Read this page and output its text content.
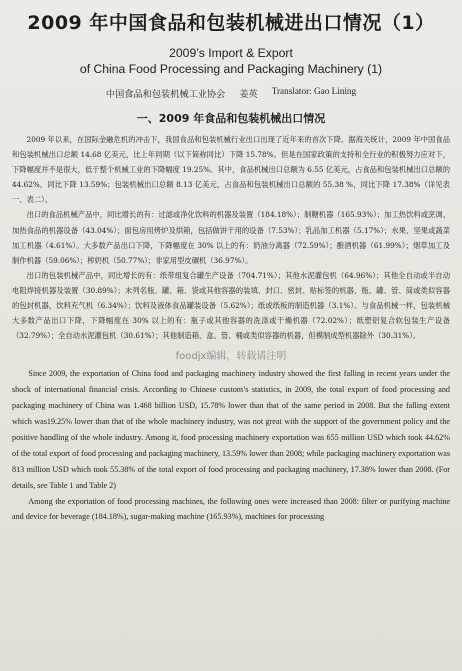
2009 年中国食品和包装机械进出口情况（1）
2009’s Import & Export
of China Food Processing and Packaging Machinery (1)
中国食品和包装机械工业协会 姜英 Translator: Gao Lining
一、2009 年食品和包装机械出口情况

2009 年以来，在国际金融危机的冲击下，我国食品和包装机械行业出口出现了近年来的首次下降。据海关统计，2009 年中国食品和包装机械出口总额 14.68 亿美元，比上年同期（以下简称同比）下降 15.78%。但是在国家政策的支持和全行业的积极努力应对下，下降幅度并不是很大，低于整个机械工业的下降幅度 19.25%。其中，食品机械出口总额为 6.55 亿美元，占食品和包装机械出口总额的 44.62%，同比下降 13.59%；包装机械出口总额 8.13 亿美元，占食品和包装机械出口总额的 55.38 %，同比下降 17.38%（详见表一、表二）。

出口的食品机械产品中，同比增长的有：过滤或净化饮料的机器及装置（184.18%）；制糖机器（165.93%）；加工热饮料或烹调、加热食品的机器设备（43.04%）；面包房用烤炉及烘箱，包括做饼干用的设备（7.53%）；乳品加工机器（5.17%）；水果、坚果或蔬菜加工机器（4.61%）。大多数产品出口下降，下降幅度在 30% 以上的有：奶油分离器（72.59%）；酿酒机器（61.99%）；烟草加工及制作机器（59.06%）；榨奶机（50.77%）；非家用型皮碾机（36.97%）。

出口的包装机械产品中，同比增长的有：纸带组复合罐生产设备（704.71%）；其他水泥灌包机（64.96%）；其他全自动或半自动电阻焊接机器及装置（30.89%）；未列名瓶、罐、箱、袋或其他容器的装填、封口、密封、贴标签的机器，瓶、罐、管、筒或类似容器的包封机器，饮料充气机（6.34%）；饮料及液体食品罐装设备（5.62%）；纸或纸板的制造机器（3.1%）。与食品机械一样，包装机械大多数产品出口下降，下降幅度在 30% 以上的有：瓶子或其他容器的洗涤或干燥机器（72.02%）；纸塑铝复合软包装生产设备（32.79%）；全自动水泥灌包机（30.61%）；其他制造箱、盒、管、桶或类似容器的机器，但模制成型机器除外（30.31%）。

foodjx编辑，转载请注明

Since 2009, the exportation of China food and packaging machinery industry showed the first falling in recent years under the shock of international financial crisis. According to Chinese custom’s statistics, in 2009, the total export of food processing and packaging machinery of China was 1.468 billion USD, 15.78% lower than that of the same period in 2008. But the falling extent which was19.25% lower than that of the whole machinery industry, was not great with the support of the government policy and the positive handling of the whole industry. Among it, food processing machinery exportation was 655 million USD which took 44.62% of the total export of food processing and packaging machinery, 13.59% lower than 2008; while packaging machinery exportation was 813 million USD which took 55.38% of the total export of food processing and packaging machinery, 17.38% lower than 2008. (For details, see Table 1 and Table 2)

Among the exportation of food processing machines, the following ones were increased than 2008: filter or purifying machine and device for beverage (184.18%), sugar-making machine (165.93%), machines for processing
